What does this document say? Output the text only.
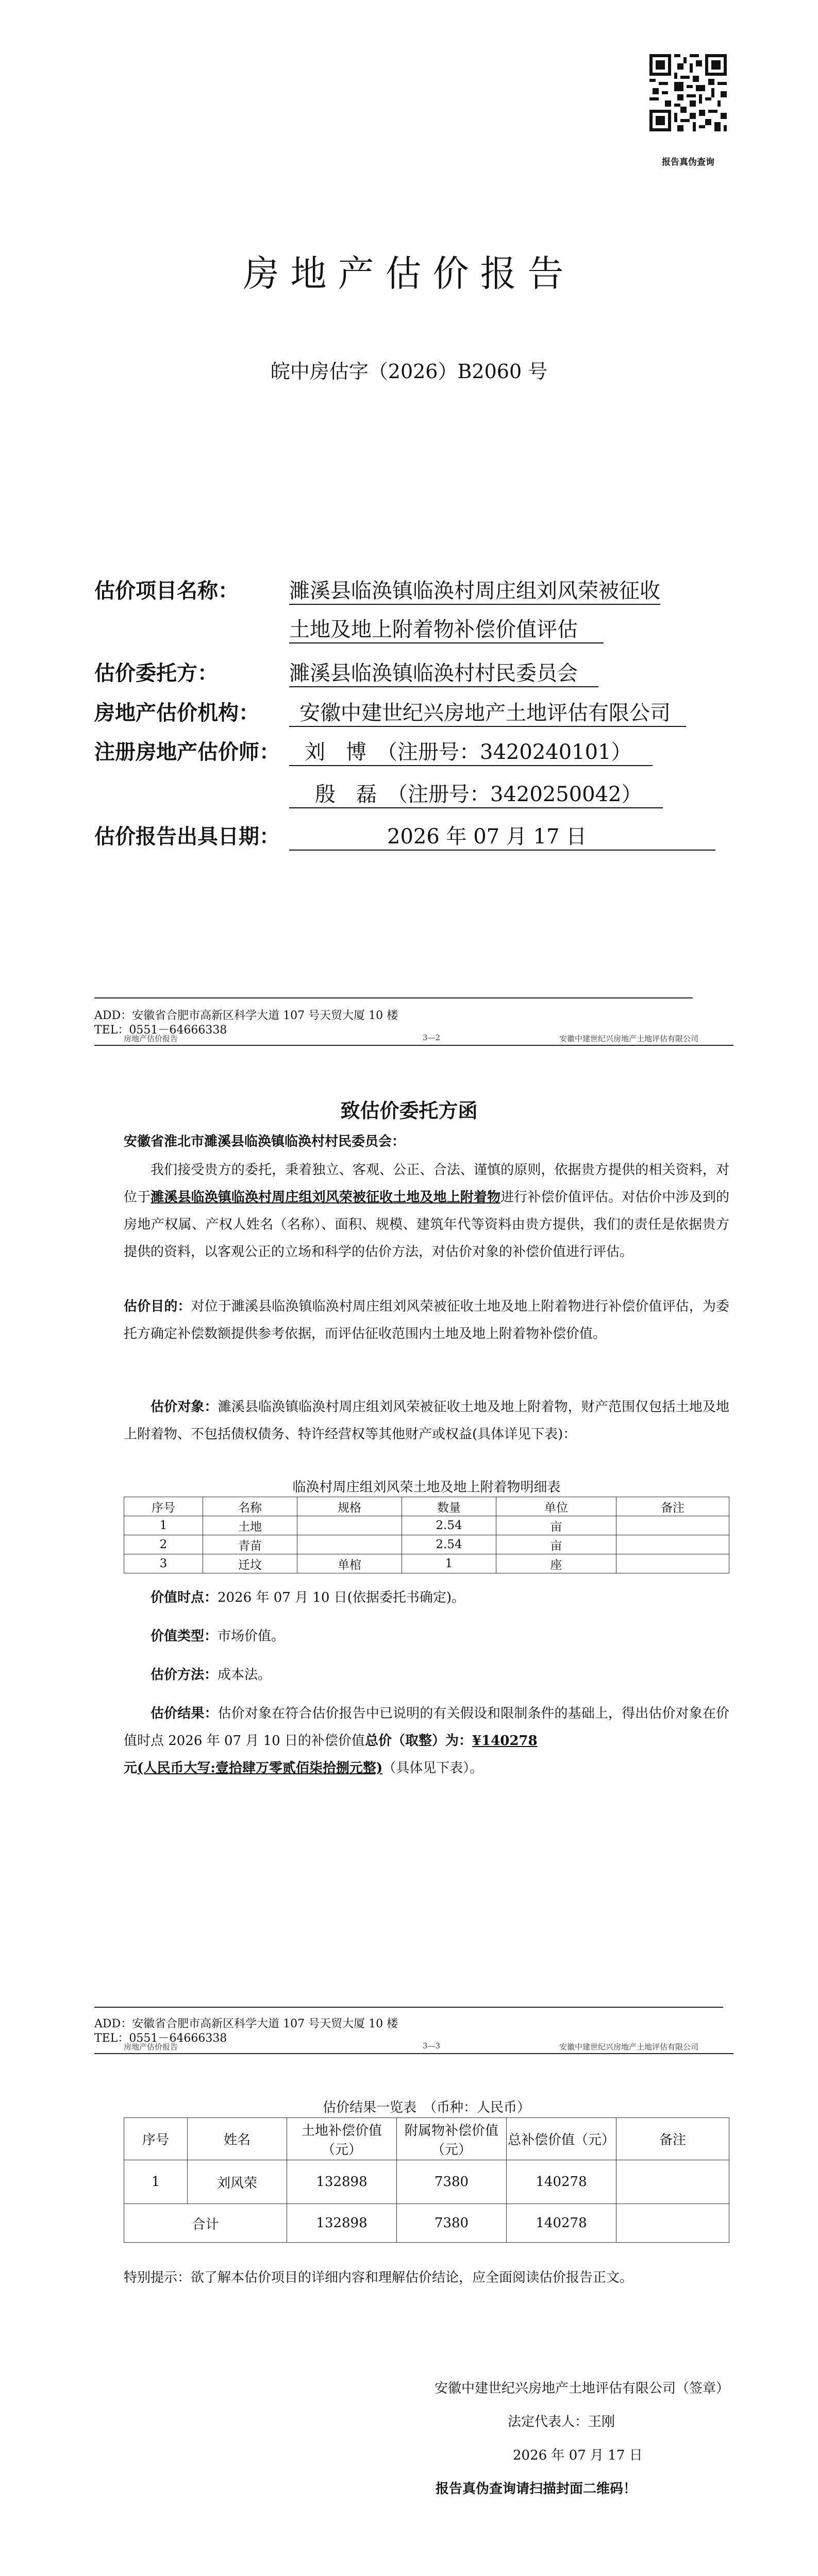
报告真伪查询
房地产估价报告
皖中房估字（2026）B2060 号
估价项目名称： 濉溪县临涣镇临涣村周庄组刘风荣被征收
土地及地上附着物补偿价值评估
估价委托方：	濉溪县临涣镇临涣村村民委员会
房地产估价机构： 安徽中建世纪兴房地产土地评估有限公司
注册房地产估价师： 刘　博　（注册号：3420240101）
殷　磊　（注册号：3420250042）
估价报告出具日期：	2026 年 07 月 17 日
ADD：安徽省合肥市高新区科学大道 107 号天贸大厦 10 楼
TEL：0551－64666338
房地产估价报告	3—2	安徽中建世纪兴房地产土地评估有限公司
致估价委托方函
安徽省淮北市濉溪县临涣镇临涣村村民委员会：
我们接受贵方的委托，秉着独立、客观、公正、合法、谨慎的原则，依据贵方提供的相关资料，对位于濉溪县临涣镇临涣村周庄组刘风荣被征收土地及地上附着物进行补偿价值评估。对估价中涉及到的房地产权属、产权人姓名（名称）、面积、规模、建筑年代等资料由贵方提供，我们的责任是依据贵方提供的资料，以客观公正的立场和科学的估价方法，对估价对象的补偿价值进行评估。
估价目的：对位于濉溪县临涣镇临涣村周庄组刘风荣被征收土地及地上附着物进行补偿价值评估，为委托方确定补偿数额提供参考依据，而评估征收范围内土地及地上附着物补偿价值。
估价对象：濉溪县临涣镇临涣村周庄组刘风荣被征收土地及地上附着物，财产范围仅包括土地及地上附着物、不包括债权债务、特许经营权等其他财产或权益(具体详见下表)：
临涣村周庄组刘风荣土地及地上附着物明细表
序号	名称	规格	数量	单位	备注
1	土地		2.54	亩	
2	青苗		2.54	亩	
3	迁坟	单棺	1	座	
价值时点：2026 年 07 月 10 日(依据委托书确定)。
价值类型：市场价值。
估价方法：成本法。
估价结果：估价对象在符合估价报告中已说明的有关假设和限制条件的基础上，得出估价对象在价值时点 2026 年 07 月 10 日的补偿价值总价（取整）为：¥140278
元(人民币大写:壹拾肆万零贰佰柒拾捌元整)（具体见下表）。
ADD：安徽省合肥市高新区科学大道 107 号天贸大厦 10 楼
TEL：0551－64666338
房地产估价报告	3—3	安徽中建世纪兴房地产土地评估有限公司
估价结果一览表　（币种：人民币）
序号	姓名	土地补偿价值（元）	附属物补偿价值（元）	总补偿价值（元）	备注
1	刘风荣	132898	7380	140278	
合计		132898	7380	140278	
特别提示：欲了解本估价项目的详细内容和理解估价结论，应全面阅读估价报告正文。
安徽中建世纪兴房地产土地评估有限公司（签章）
法定代表人：王刚
2026 年 07 月 17 日
报告真伪查询请扫描封面二维码！
